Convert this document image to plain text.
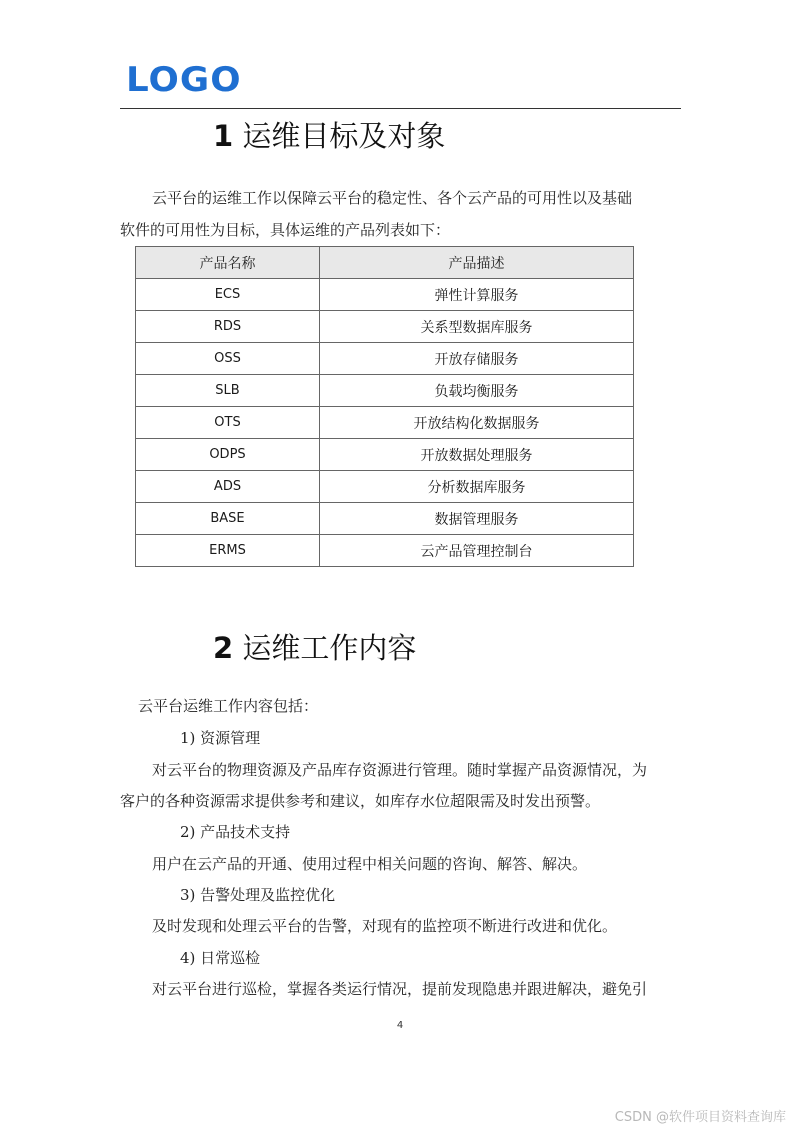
LOGO
1 运维目标及对象

云平台的运维工作以保障云平台的稳定性、各个云产品的可用性以及基础

软件的可用性为目标，具体运维的产品列表如下：

产品名称	产品描述
ECS	弹性计算服务
RDS	关系型数据库服务
OSS	开放存储服务
SLB	负载均衡服务
OTS	开放结构化数据服务
ODPS	开放数据处理服务
ADS	分析数据库服务
BASE	数据管理服务
ERMS	云产品管理控制台
2 运维工作内容

云平台运维工作内容包括：

1) 资源管理

对云平台的物理资源及产品库存资源进行管理。随时掌握产品资源情况，为

客户的各种资源需求提供参考和建议，如库存水位超限需及时发出预警。

2) 产品技术支持

用户在云产品的开通、使用过程中相关问题的咨询、解答、解决。

3) 告警处理及监控优化

及时发现和处理云平台的告警，对现有的监控项不断进行改进和优化。

4) 日常巡检

对云平台进行巡检，掌握各类运行情况，提前发现隐患并跟进解决，避免引

4
CSDN @软件项目资料查询库
